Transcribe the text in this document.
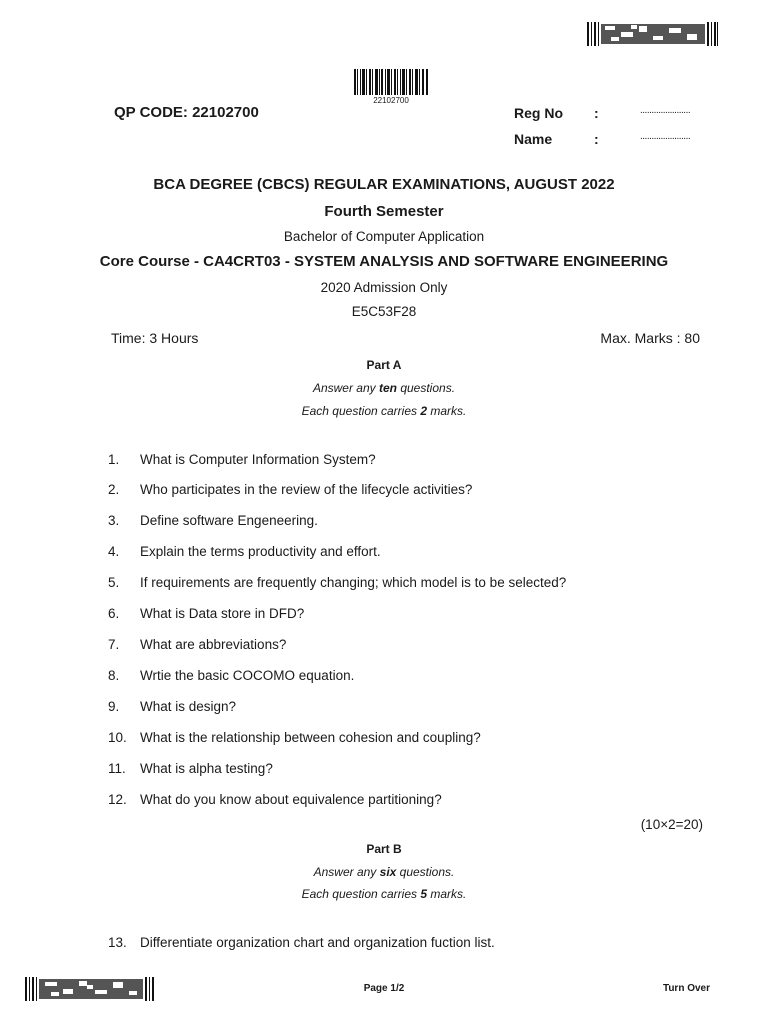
22102700
QP CODE: 22102700	Reg No :	......................
Name	:	......................
BCA DEGREE (CBCS) REGULAR EXAMINATIONS, AUGUST 2022
Fourth Semester
Bachelor of Computer Application
Core Course - CA4CRT03 - SYSTEM ANALYSIS AND SOFTWARE ENGINEERING
2020 Admission Only
E5C53F28
Time: 3 Hours	Max. Marks : 80
Part A
Answer any ten questions.
Each question carries 2 marks.
1. What is Computer Information System?
2. Who participates in the review of the lifecycle activities?
3. Define software Engeneering.
4. Explain the terms productivity and effort.
5. If requirements are frequently changing; which model is to be selected?
6. What is Data store in DFD?
7. What are abbreviations?
8. Wrtie the basic COCOMO equation.
9. What is design?
10. What is the relationship between cohesion and coupling?
11. What is alpha testing?
12. What do you know about equivalence partitioning?
(10×2=20)
Part B
Answer any six questions.
Each question carries 5 marks.
13. Differentiate organization chart and organization fuction list.
Page 1/2	Turn Over
